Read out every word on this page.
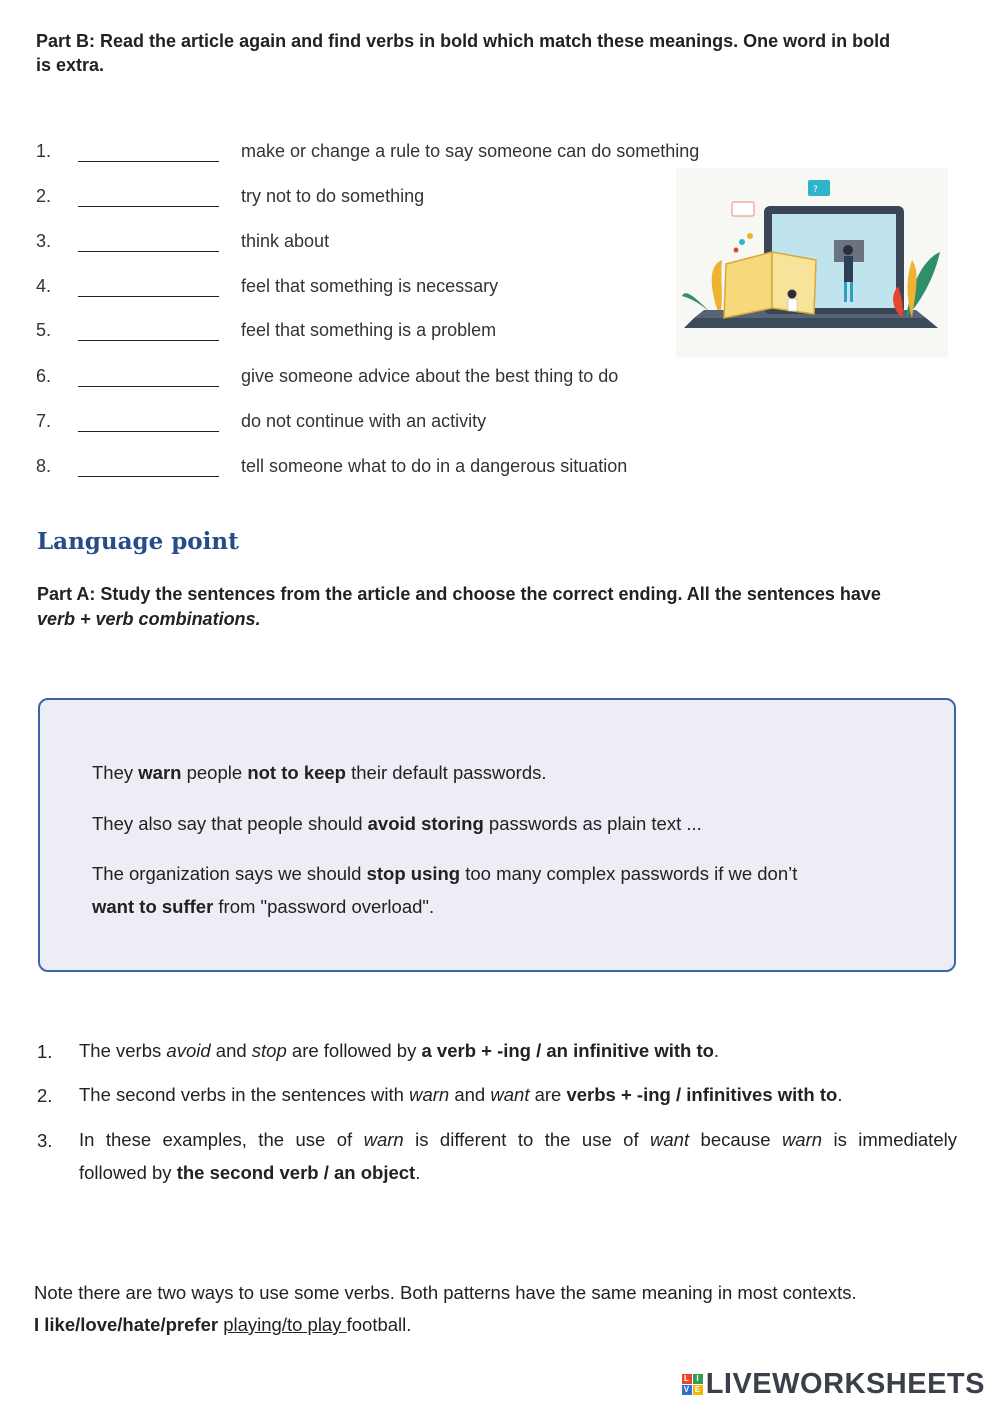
Part B: Read the article again and find verbs in bold which match these meanings. One word in bold
is extra.
1.	make or change a rule to say someone can do something
2.	try not to do something
3.	think about
4.	feel that something is necessary
5.	feel that something is a problem
6.	give someone advice about the best thing to do
7.	do not continue with an activity
8.	tell someone what to do in a dangerous situation
?
Language point
Part A: Study the sentences from the article and choose the correct ending. All the sentences have
verb + verb combinations.
They warn people not to keep their default passwords.
They also say that people should avoid storing passwords as plain text ...
The organization says we should stop using too many complex passwords if we don’t
want to suffer from "password overload".
1. The verbs avoid and stop are followed by a verb + -ing / an infinitive with to.
2. The second verbs in the sentences with warn and want are verbs + -ing / infinitives with to.
3. In these examples, the use of warn is different to the use of want because warn is immediately
followed by the second verb / an object.
Note there are two ways to use some verbs. Both patterns have the same meaning in most contexts.
I like/love/hate/prefer playing/to play football.
L I
V E LIVEWORKSHEETS
